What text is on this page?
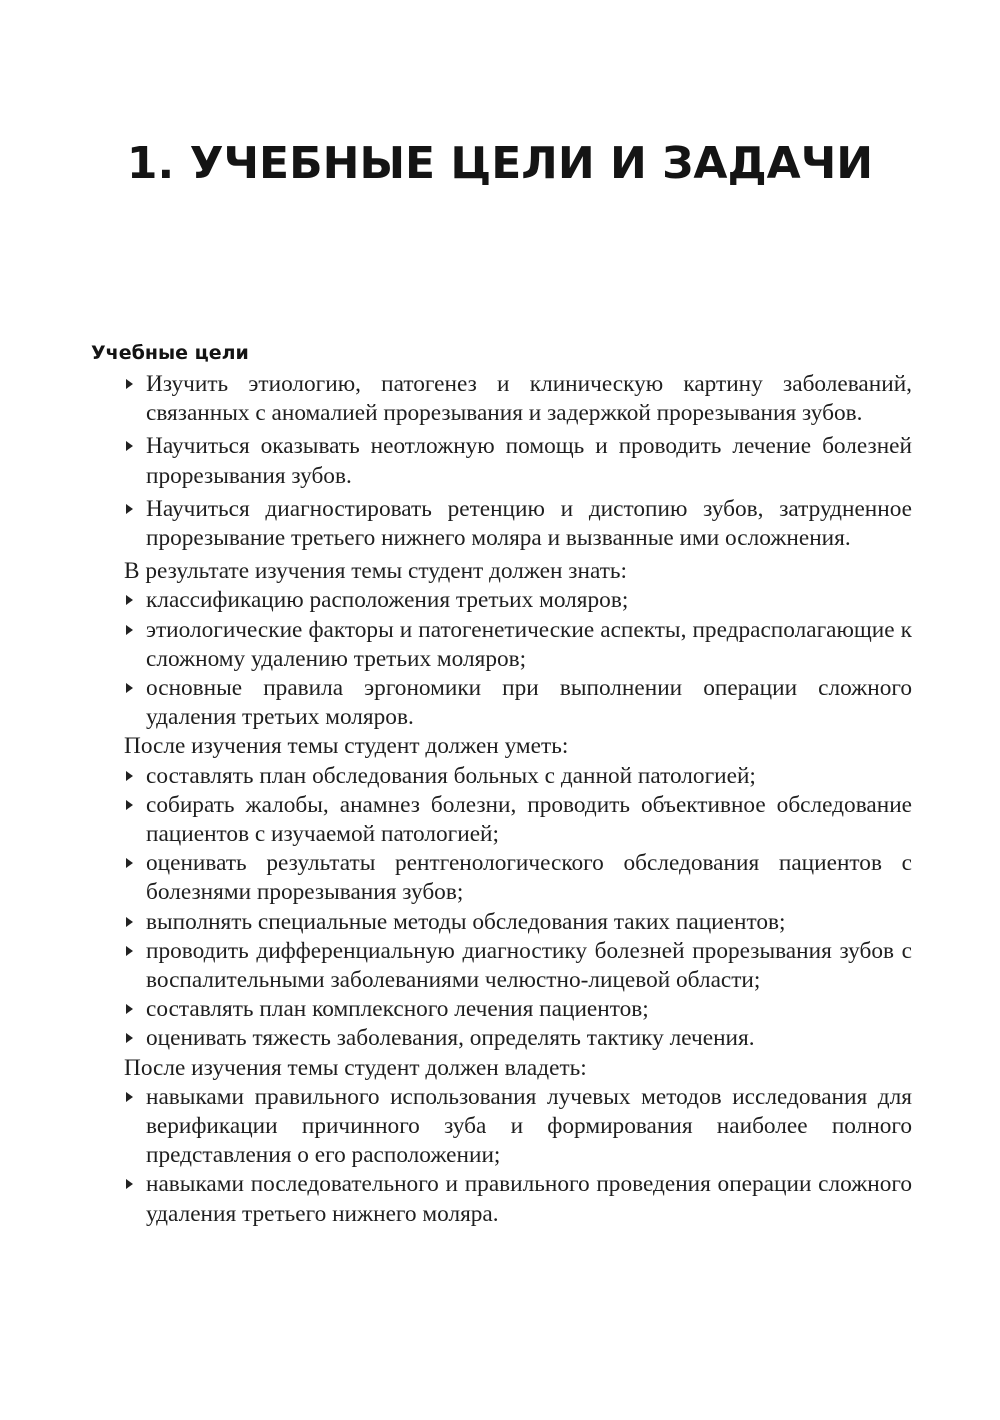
1. УЧЕБНЫЕ ЦЕЛИ И ЗАДАЧИ
Учебные цели
Изучить этиологию, патогенез и клиническую картину заболеваний, связанных с аномалией прорезывания и задержкой прорезывания зубов.
Научиться оказывать неотложную помощь и проводить лечение болезней прорезывания зубов.
Научиться диагностировать ретенцию и дистопию зубов, затрудненное прорезывание третьего нижнего моляра и вызванные ими осложнения.

В результате изучения темы студент должен знать:

классификацию расположения третьих моляров;
этиологические факторы и патогенетические аспекты, предрасполагающие к сложному удалению третьих моляров;
основные правила эргономики при выполнении операции сложного удаления третьих моляров.

После изучения темы студент должен уметь:

составлять план обследования больных с данной патологией;
собирать жалобы, анамнез болезни, проводить объективное обследование пациентов с изучаемой патологией;
оценивать результаты рентгенологического обследования пациентов с болезнями прорезывания зубов;
выполнять специальные методы обследования таких пациентов;
проводить дифференциальную диагностику болезней прорезывания зубов с воспалительными заболеваниями челюстно-лицевой области;
составлять план комплексного лечения пациентов;
оценивать тяжесть заболевания, определять тактику лечения.

После изучения темы студент должен владеть:

навыками правильного использования лучевых методов исследования для верификации причинного зуба и формирования наиболее полного представления о его расположении;
навыками последовательного и правильного проведения операции сложного удаления третьего нижнего моляра.
